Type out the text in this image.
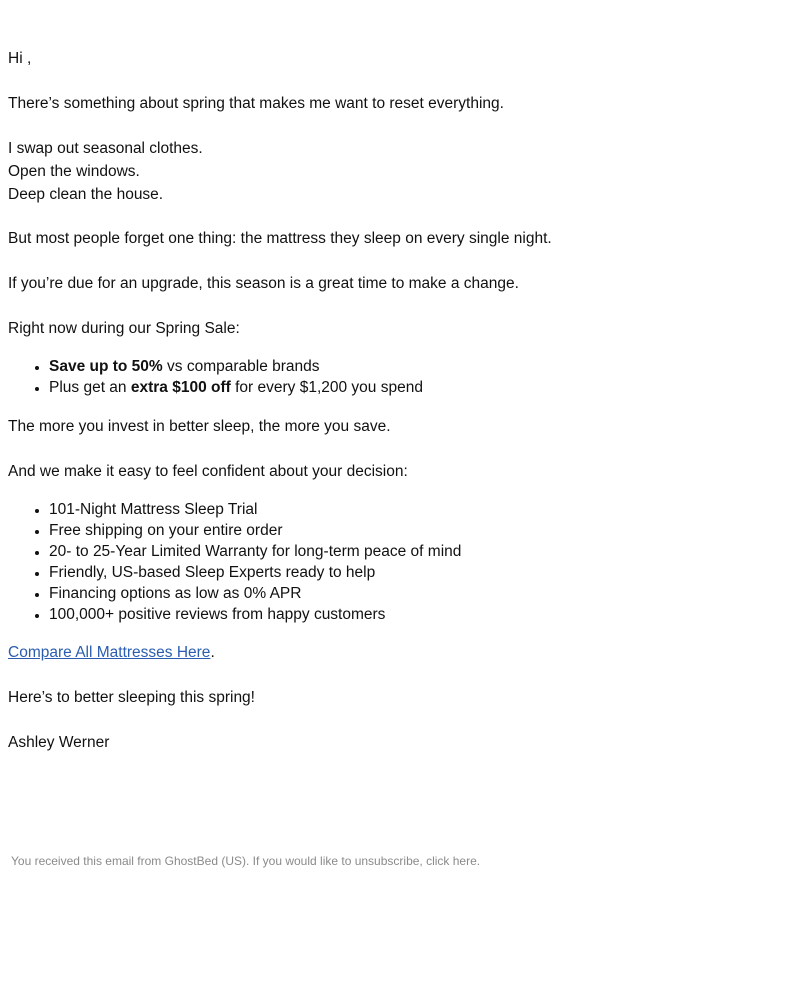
Hi ,

There’s something about spring that makes me want to reset everything.

I swap out seasonal clothes.
Open the windows.
Deep clean the house.

But most people forget one thing: the mattress they sleep on every single night.

If you’re due for an upgrade, this season is a great time to make a change.

Right now during our Spring Sale:

• Save up to 50% vs comparable brands
• Plus get an extra $100 off for every $1,200 you spend

The more you invest in better sleep, the more you save.

And we make it easy to feel confident about your decision:

• 101-Night Mattress Sleep Trial
• Free shipping on your entire order
• 20- to 25-Year Limited Warranty for long-term peace of mind
• Friendly, US-based Sleep Experts ready to help
• Financing options as low as 0% APR
• 100,000+ positive reviews from happy customers

Compare All Mattresses Here.

Here’s to better sleeping this spring!

Ashley Werner

You received this email from GhostBed (US). If you would like to unsubscribe, click here.
